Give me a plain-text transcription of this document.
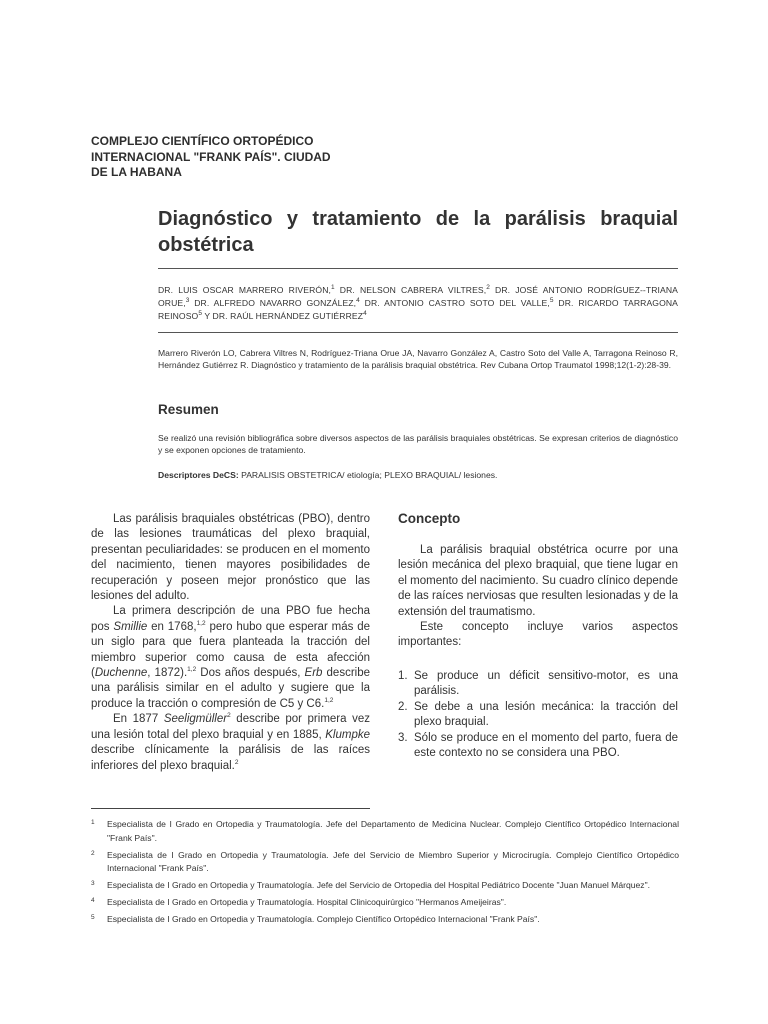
COMPLEJO CIENTÍFICO ORTOPÉDICO
INTERNACIONAL "FRANK PAÍS". CIUDAD
DE LA HABANA
Diagnóstico y tratamiento de la parálisis braquial obstétrica
DR. LUIS OSCAR MARRERO RIVERÓN,$^1$ DR. NELSON CABRERA VILTRES,$^2$ DR. JOSÉ ANTONIO RODRÍGUEZ--TRIANA ORUE,$^3$ DR. ALFREDO NAVARRO GONZÁLEZ,$^4$ DR. ANTONIO CASTRO SOTO DEL VALLE,$^5$ DR. RICARDO TARRAGONA REINOSO$^5$ Y DR. RAÚL HERNÁNDEZ GUTIÉRREZ$^4$
Marrero Riverón LO, Cabrera Viltres N, Rodríguez-Triana Orue JA, Navarro González A, Castro Soto del Valle A, Tarragona Reinoso R, Hernández Gutiérrez R. Diagnóstico y tratamiento de la parálisis braquial obstétrica. Rev Cubana Ortop Traumatol 1998;12(1-2):28-39.
Resumen
Se realizó una revisión bibliográfica sobre diversos aspectos de las parálisis braquiales obstétricas. Se expresan criterios de diagnóstico y se exponen opciones de tratamiento.
Descriptores DeCS: PARALISIS OBSTETRICA/ etiología; PLEXO BRAQUIAL/ lesiones.

Las parálisis braquiales obstétricas (PBO), dentro de las lesiones traumáticas del plexo braquial, presentan peculiaridades: se producen en el momento del nacimiento, tienen mayores posibilidades de recuperación y poseen mejor pronóstico que las lesiones del adulto.

La primera descripción de una PBO fue hecha pos Smillie en 1768,$^{1,2}$ pero hubo que esperar más de un siglo para que fuera planteada la tracción del miembro superior como causa de esta afección (Duchenne, 1872).$^{1,2}$ Dos años después, Erb describe una parálisis similar en el adulto y sugiere que la produce la tracción o compresión de C5 y C6.$^{1,2}$

En 1877 Seeligmüller$^2$ describe por primera vez una lesión total del plexo braquial y en 1885, Klumpke describe clínicamente la parálisis de las raíces inferiores del plexo braquial.$^2$

Concepto

La parálisis braquial obstétrica ocurre por una lesión mecánica del plexo braquial, que tiene lugar en el momento del nacimiento. Su cuadro clínico depende de las raíces nerviosas que resulten lesionadas y de la extensión del traumatismo.

Este concepto incluye varios aspectos importantes:

1. Se produce un déficit sensitivo-motor, es una parálisis.
2. Se debe a una lesión mecánica: la tracción del plexo braquial.
3. Sólo se produce en el momento del parto, fuera de este contexto no se considera una PBO.
1 Especialista de I Grado en Ortopedia y Traumatología. Jefe del Departamento de Medicina Nuclear. Complejo Científico Ortopédico Internacional "Frank País".
2 Especialista de I Grado en Ortopedia y Traumatología. Jefe del Servicio de Miembro Superior y Microcirugía. Complejo Científico Ortopédico Internacional "Frank País".
3 Especialista de I Grado en Ortopedia y Traumatología. Jefe del Servicio de Ortopedia del Hospital Pediátrico Docente "Juan Manuel Márquez".
4 Especialista de I Grado en Ortopedia y Traumatología. Hospital Clinicoquirúrgico "Hermanos Ameijeiras".
5 Especialista de I Grado en Ortopedia y Traumatología. Complejo Científico Ortopédico Internacional "Frank País".
